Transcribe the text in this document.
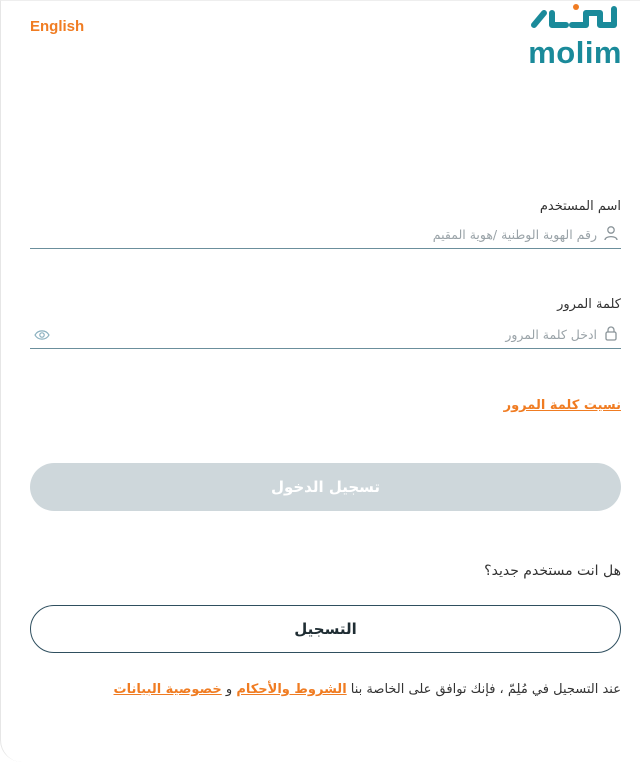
English
molim
اسم المستخدم
رقم الهوية الوطنية /هوية المقيم
كلمة المرور
نسيت كلمة المرور
تسجيل الدخول
هل انت مستخدم جديد؟
التسجيل
عند التسجيل في مُلِمّ ، فإنك توافق على الخاصة بنا الشروط والأحكام و خصوصية البيانات
